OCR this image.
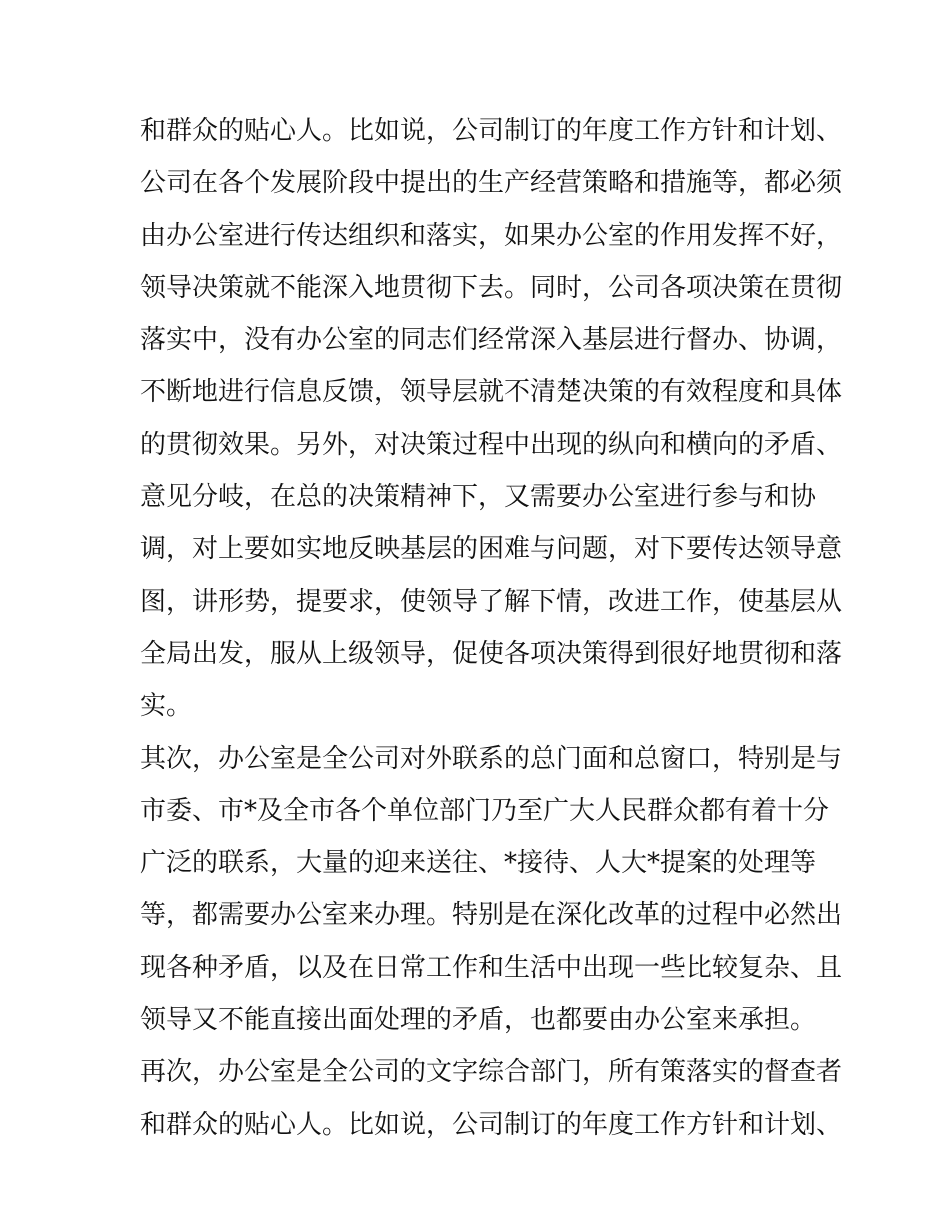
和群众的贴心人。比如说，公司制订的年度工作方针和计划、
公司在各个发展阶段中提出的生产经营策略和措施等，都必须
由办公室进行传达组织和落实，如果办公室的作用发挥不好，
领导决策就不能深入地贯彻下去。同时，公司各项决策在贯彻
落实中，没有办公室的同志们经常深入基层进行督办、协调，
不断地进行信息反馈，领导层就不清楚决策的有效程度和具体
的贯彻效果。另外，对决策过程中出现的纵向和横向的矛盾、
意见分岐，在总的决策精神下，又需要办公室进行参与和协
调，对上要如实地反映基层的困难与问题，对下要传达领导意
图，讲形势，提要求，使领导了解下情，改进工作，使基层从
全局出发，服从上级领导，促使各项决策得到很好地贯彻和落
实。
其次，办公室是全公司对外联系的总门面和总窗口，特别是与
市委、市*及全市各个单位部门乃至广大人民群众都有着十分
广泛的联系，大量的迎来送往、*接待、人大*提案的处理等
等，都需要办公室来办理。特别是在深化改革的过程中必然出
现各种矛盾，以及在日常工作和生活中出现一些比较复杂、且
领导又不能直接出面处理的矛盾，也都要由办公室来承担。
再次，办公室是全公司的文字综合部门，所有策落实的督查者
和群众的贴心人。比如说，公司制订的年度工作方针和计划、
